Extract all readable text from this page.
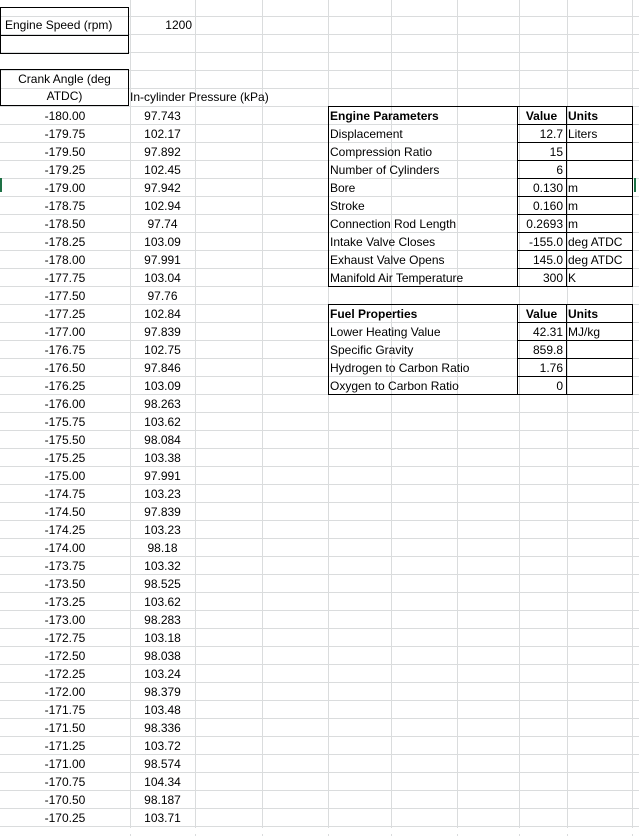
Engine Speed (rpm)	1200
Crank Angle (deg
ATDC)	In-cylinder Pressure (kPa)
-180.00	97.743
-179.75	102.17
-179.50	97.892
-179.25	102.45
-179.00	97.942
-178.75	102.94
-178.50	97.74
-178.25	103.09
-178.00	97.991
-177.75	103.04
-177.50	97.76
-177.25	102.84
-177.00	97.839
-176.75	102.75
-176.50	97.846
-176.25	103.09
-176.00	98.263
-175.75	103.62
-175.50	98.084
-175.25	103.38
-175.00	97.991
-174.75	103.23
-174.50	97.839
-174.25	103.23
-174.00	98.18
-173.75	103.32
-173.50	98.525
-173.25	103.62
-173.00	98.283
-172.75	103.18
-172.50	98.038
-172.25	103.24
-172.00	98.379
-171.75	103.48
-171.50	98.336
-171.25	103.72
-171.00	98.574
-170.75	104.34
-170.50	98.187
-170.25	103.71
Engine Parameters	Value Units
Displacement	12.7 Liters
Compression Ratio	15
Number of Cylinders	6
Bore	0.130 m
Stroke	0.160 m
Connection Rod Length	0.2693 m
Intake Valve Closes	-155.0 deg ATDC
Exhaust Valve Opens	145.0 deg ATDC
Manifold Air Temperature	300 K
Fuel Properties	Value Units
Lower Heating Value	42.31 MJ/kg
Specific Gravity	859.8
Hydrogen to Carbon Ratio	1.76
Oxygen to Carbon Ratio	0
